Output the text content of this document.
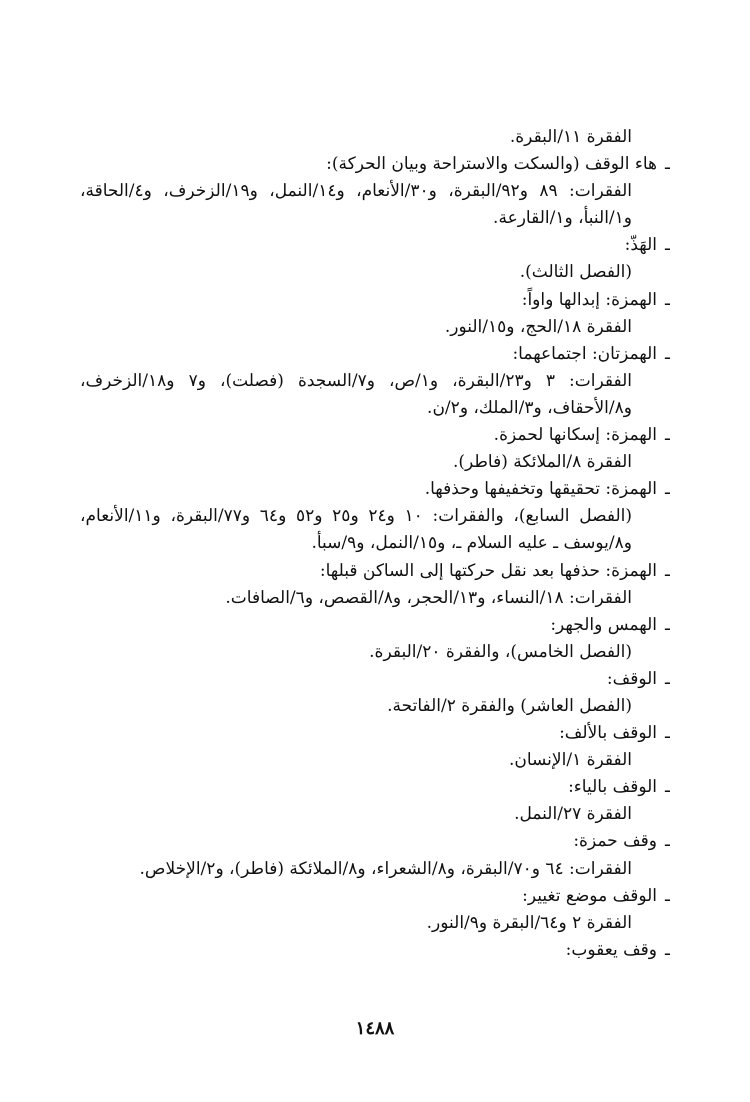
الفقرة ١١/البقرة.
ـهاء الوقف (والسكت والاستراحة وبيان الحركة):
الفقرات: ٨٩ و٩٢/البقرة، و٣٠/الأنعام، و١٤/النمل، و١٩/الزخرف، و٤/الحاقة،
و١/النبأ، و١/القارعة.
ـالهَذّ:
(الفصل الثالث).
ـالهمزة: إبدالها واواً:
الفقرة ١٨/الحج، و١٥/النور.
ـالهمزتان: اجتماعهما:
الفقرات: ٣ و٢٣/البقرة، و١/ص، و٧/السجدة (فصلت)، و٧ و١٨/الزخرف،
و٨/الأحقاف، و٣/الملك، و٢/ن.
ـالهمزة: إسكانها لحمزة.
الفقرة ٨/الملائكة (فاطر).
ـالهمزة: تحقيقها وتخفيفها وحذفها.
(الفصل السابع)، والفقرات: ١٠ و٢٤ و٢٥ و٥٢ و٦٤ و٧٧/البقرة، و١١/الأنعام،
و٨/يوسف ـ عليه السلام ـ، و١٥/النمل، و٩/سبأ.
ـالهمزة: حذفها بعد نقل حركتها إلى الساكن قبلها:
الفقرات: ١٨/النساء، و١٣/الحجر، و٨/القصص، و٦/الصافات.
ـالهمس والجهر:
(الفصل الخامس)، والفقرة ٢٠/البقرة.
ـالوقف:
(الفصل العاشر) والفقرة ٢/الفاتحة.
ـالوقف بالألف:
الفقرة ١/الإنسان.
ـالوقف بالياء:
الفقرة ٢٧/النمل.
ـوقف حمزة:
الفقرات: ٦٤ و٧٠/البقرة، و٨/الشعراء، و٨/الملائكة (فاطر)، و٢/الإخلاص.
ـالوقف موضع تغيير:
الفقرة ٢ و٦٤/البقرة و٩/النور.
ـوقف يعقوب:
١٤٨٨
